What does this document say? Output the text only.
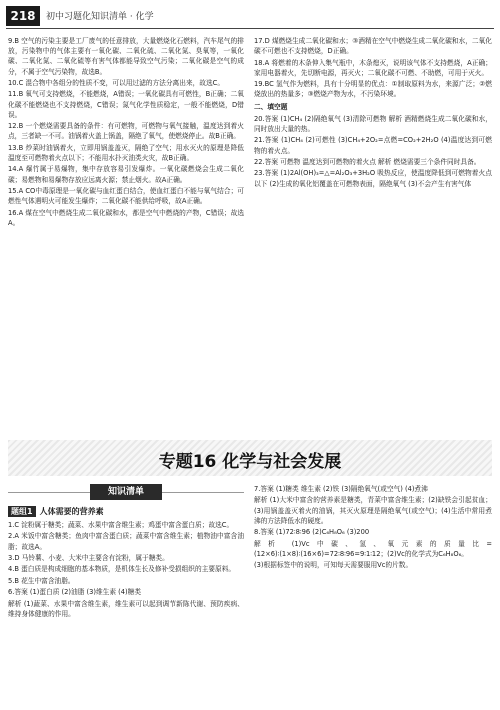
218	初中习题化知识清单 · 化学

9.B 空气的污染主要是工厂废气的任意排放，大量燃烧化石燃料，汽车尾气的排放，污染物中的气体主要有一氧化碳、二氧化硫、二氧化氮、臭氧等，一氧化碳、二氧化氮、二氧化硫等有害气体都能导致空气污染；二氧化碳是空气的成分，不属于空气污染物，故选B。

10.C 混合物中各组分的性质不变，可以用过滤的方法分离出来，故选C。

11.B 氧气可支持燃烧，不能燃烧，A错误；一氧化碳具有可燃性，B正确；二氧化碳不能燃烧也不支持燃烧，C错误；氮气化学性质稳定，一般不能燃烧，D错误。

12.B 一个燃烧需要具备的条件：有可燃物，可燃物与氧气接触，温度达到着火点，三者缺一不可。油锅着火盖上锅盖，隔绝了氧气，使燃烧停止。故B正确。

13.B 炒菜时油锅着火，立即用锅盖盖灭，隔绝了空气；用水灭火的原理是降低温度至可燃物着火点以下；不能用水扑灭油类火灾，故B正确。

14.A 爆竹属于易爆物，集中存放容易引发爆炸。一氧化碳燃烧会生成二氧化碳；易燃物和易爆物存放应远离火源；禁止烟火。故A正确。

15.A CO中毒原理是一氧化碳与血红蛋白结合，使血红蛋白不能与氧气结合；可燃性气体遇明火可能发生爆炸；二氧化碳不能供给呼吸，故A正确。

16.A 煤在空气中燃烧生成二氧化碳和水，都是空气中燃烧的产物，C错误；故选A。

17.D 煤燃烧生成二氧化碳和水；③酒精在空气中燃烧生成二氧化碳和水，二氧化碳不可燃也不支持燃烧，D正确。

18.A 将燃着的木条伸入集气瓶中，木条熄灭，说明该气体不支持燃烧，A正确；家用电器着火，先切断电源，再灭火；二氧化碳不可燃、不助燃，可用于灭火。

19.BC 氢气作为燃料，具有十分明显的优点：①制取原料为水，来源广泛；②燃烧放出的热量多；③燃烧产物为水，不污染环境。

二、填空题

20.答案 (1)CH₄ (2)隔绝氧气 (3)清除可燃物 解析 酒精燃烧生成二氧化碳和水，同时放出大量的热。

21.答案 (1)CH₄ (2)可燃性 (3)CH₄+2O₂=点燃=CO₂+2H₂O (4)温度达到可燃物的着火点。

22.答案 可燃物 温度达到可燃物的着火点 解析 燃烧需要三个条件同时具备。

23.答案 (1)2Al(OH)₃=△=Al₂O₃+3H₂O 吸热反应，使温度降低到可燃物着火点以下 (2)生成的氧化铝覆盖在可燃物表面，隔绝氧气 (3)不会产生有害气体

专题16 化学与社会发展
知识清单
题组1 人体需要的营养素

1.C 淀粉属于糖类；蔬菜、水果中富含维生素；鸡蛋中富含蛋白质；故选C。

2.A 米饭中富含糖类；鱼肉中富含蛋白质；蔬菜中富含维生素；植物油中富含油脂；故选A。

3.D 马铃薯、小麦、大米中主要含有淀粉，属于糖类。

4.B 蛋白质是构成细胞的基本物质，是机体生长及修补受损组织的主要原料。

5.B 花生中富含油脂。

6.答案 (1)蛋白质 (2)油脂 (3)维生素 (4)糖类

解析 (1)蔬菜、水果中富含维生素，维生素可以起到调节新陈代谢、预防疾病、维持身体健康的作用。

7.答案 (1)糖类 维生素 (2)铁 (3)隔绝氧气(或空气) (4)煮沸

解析 (1)大米中富含的营养素是糖类，青菜中富含维生素；(2)缺铁会引起贫血；(3)用锅盖盖灭着火的油锅，其灭火原理是隔绝氧气(或空气)；(4)生活中常用煮沸的方法降低水的硬度。

8.答案 (1)72∶8∶96 (2)C₆H₈O₆ (3)200

解析 (1)Vc中碳、氢、氧元素的质量比=(12×6)∶(1×8)∶(16×6)=72∶8∶96=9∶1∶12；(2)Vc的化学式为C₆H₈O₆。

(3)根据标签中的说明，可知每天需要服用Vc的片数。
